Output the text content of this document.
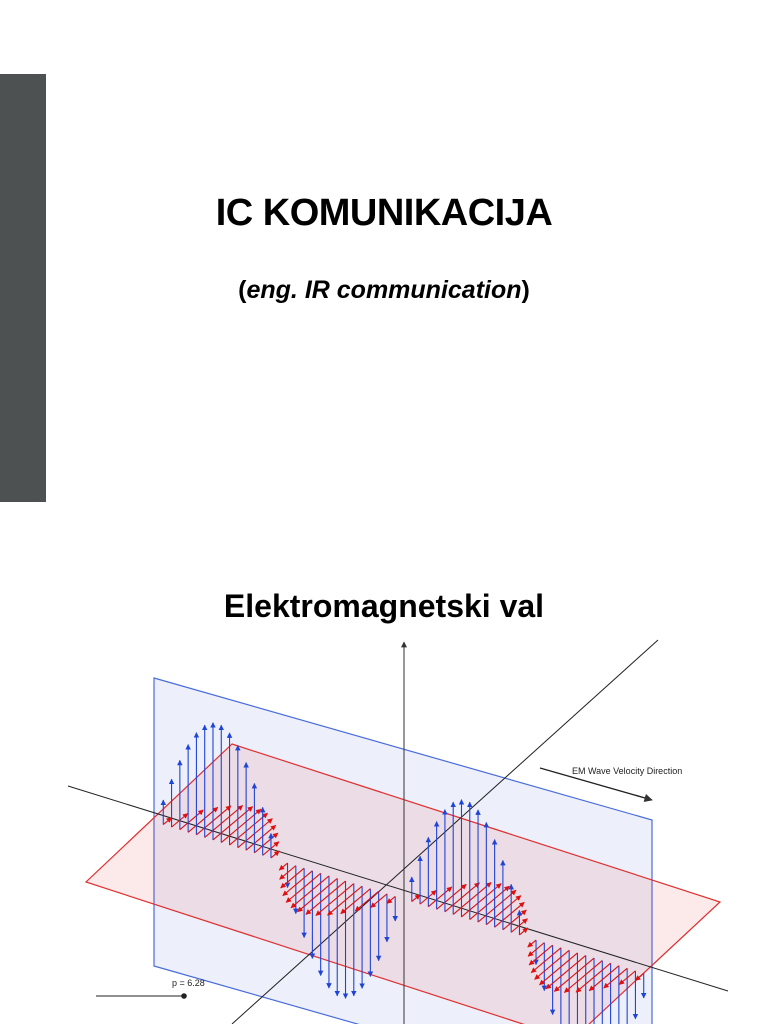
IC KOMUNIKACIJA
(eng. IR communication)
Elektromagnetski val
EM Wave Velocity Direction
p = 6.28
